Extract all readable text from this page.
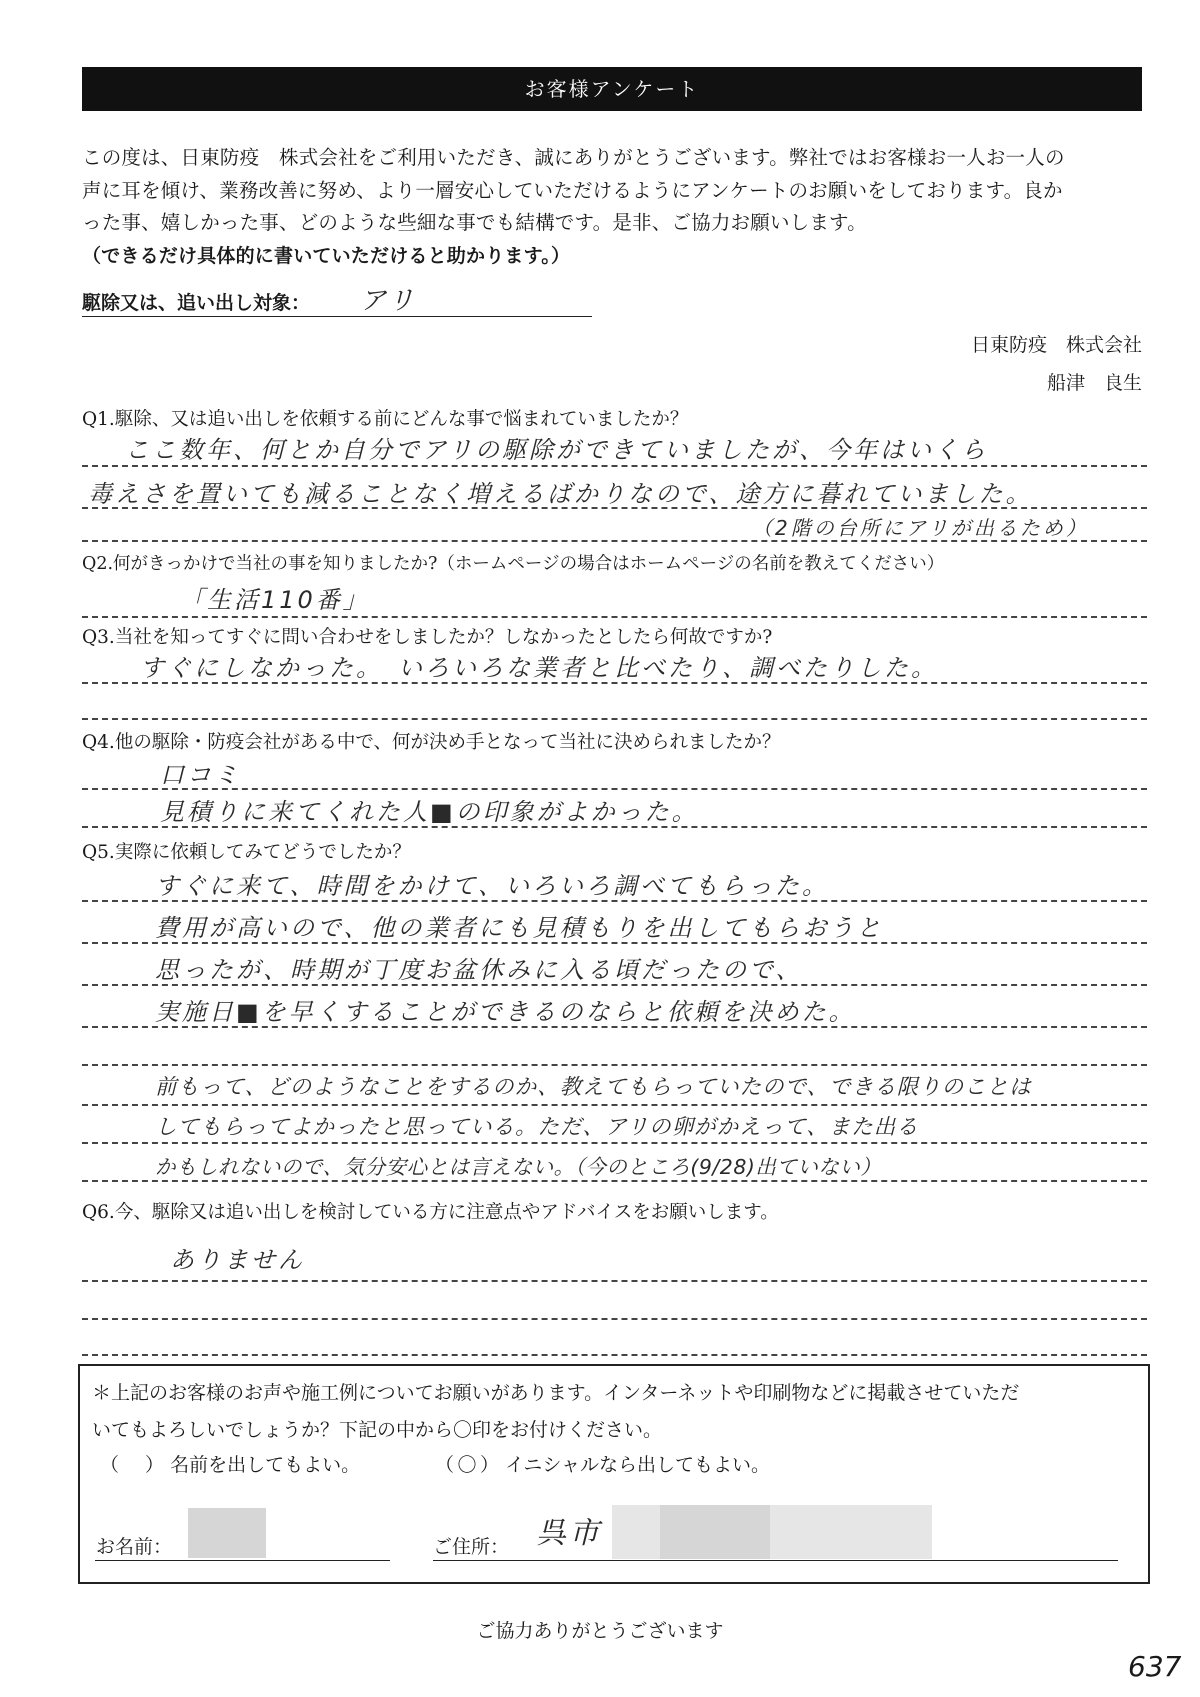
お客様アンケート
この度は、日東防疫　株式会社をご利用いただき、誠にありがとうございます。弊社ではお客様お一人お一人の
声に耳を傾け、業務改善に努め、より一層安心していただけるようにアンケートのお願いをしております。良か
った事、嬉しかった事、どのような些細な事でも結構です。是非、ご協力お願いします。
（できるだけ具体的に書いていただけると助かります。）
駆除又は、追い出し対象： アリ
日東防疫　株式会社
船津　良生
Q1.駆除、又は追い出しを依頼する前にどんな事で悩まれていましたか？
ここ数年、何とか自分でアリの駆除ができていましたが、今年はいくら
毒えさを置いても減ることなく増えるばかりなので、途方に暮れていました。
（2階の台所にアリが出るため）
Q2.何がきっかけで当社の事を知りましたか?（ホームページの場合はホームページの名前を教えてください）
「生活110番」
Q3.当社を知ってすぐに問い合わせをしましたか？しなかったとしたら何故ですか?
すぐにしなかった。　いろいろな業者と比べたり、調べたりした。
Q4.他の駆除・防疫会社がある中で、何が決め手となって当社に決められましたか？
口コミ
見積りに来てくれた人■の印象がよかった。
Q5.実際に依頼してみてどうでしたか？
すぐに来て、時間をかけて、いろいろ調べてもらった。
費用が高いので、他の業者にも見積もりを出してもらおうと
思ったが、時期が丁度お盆休みに入る頃だったので、
実施日■を早くすることができるのならと依頼を決めた。
前もって、どのようなことをするのか、教えてもらっていたので、できる限りのことは
してもらってよかったと思っている。ただ、アリの卵がかえって、また出る
かもしれないので、気分安心とは言えない。（今のところ(9/28)出ていない）
Q6.今、駆除又は追い出しを検討している方に注意点やアドバイスをお願いします。
ありません
＊上記のお客様のお声や施工例についてお願いがあります。インターネットや印刷物などに掲載させていただ
いてもよろしいでしょうか？下記の中から〇印をお付けください。
（ ） 名前を出してもよい。	（ 〇 ） イニシャルなら出してもよい。
お名前：	ご住所： 呉市
ご協力ありがとうございます
637
